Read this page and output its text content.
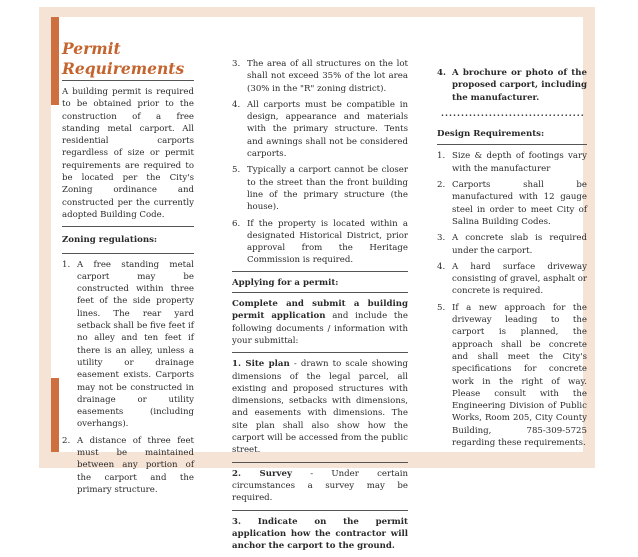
Permit
Requirements

A building permit is required to be obtained prior to the construction of a free standing metal carport. All residential carports regardless of size or permit requirements are required to be located per the City's Zoning ordinance and constructed per the currently adopted Building Code.

Zoning regulations:
1. A free standing metal carport may be constructed within three feet of the side property lines. The rear yard setback shall be five feet if no alley and ten feet if there is an alley, unless a utility or drainage easement exists. Carports may not be constructed in drainage or utility easements (including overhangs).
2. A distance of three feet must be maintained between any portion of the carport and the primary structure.
3. The area of all structures on the lot shall not exceed 35% of the lot area (30% in the "R" zoning district).
4. All carports must be compatible in design, appearance and materials with the primary structure. Tents and awnings shall not be considered carports.
5. Typically a carport cannot be closer to the street than the front building line of the primary structure (the house).
6. If the property is located within a designated Historical District, prior approval from the Heritage Commission is required.
Applying for a permit:

Complete and submit a building permit application and include the following documents / information with your submittal:

1. Site plan - drawn to scale showing dimensions of the legal parcel, all existing and proposed structures with dimensions, setbacks with dimensions, and easements with dimensions. The site plan shall also show how the carport will be accessed from the public street.

2. Survey - Under certain circumstances a survey may be required.

3. Indicate on the permit application how the contractor will anchor the carport to the ground.

4. A brochure or photo of the proposed carport, including the manufacturer.
....................................
Design Requirements:
1. Size & depth of footings vary with the manufacturer
2. Carports shall be manufactured with 12 gauge steel in order to meet City of Salina Building Codes.
3. A concrete slab is required under the carport.
4. A hard surface driveway consisting of gravel, asphalt or concrete is required.
5. If a new approach for the driveway leading to the carport is planned, the approach shall be concrete and shall meet the City's specifications for concrete work in the right of way. Please consult with the Engineering Division of Public Works, Room 205, City County Building, 785-309-5725 regarding these requirements.
